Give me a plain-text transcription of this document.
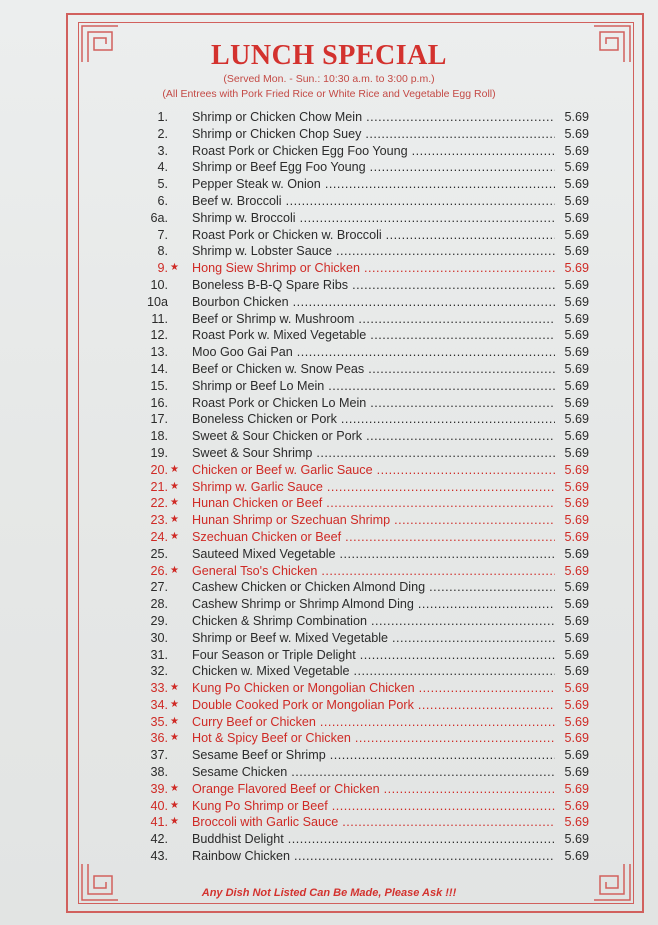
LUNCH SPECIAL
(Served Mon. - Sun.: 10:30 a.m. to 3:00 p.m.)
(All Entrees with Pork Fried Rice or White Rice and Vegetable Egg Roll)
1. Shrimp or Chicken Chow Mein .....	5.69
2. Shrimp or Chicken Chop Suey .....	5.69
3. Roast Pork or Chicken Egg Foo Young .....	5.69
4. Shrimp or Beef Egg Foo Young .....	5.69
5. Pepper Steak w. Onion .....	5.69
6. Beef w. Broccoli .....	5.69
6a. Shrimp w. Broccoli .....	5.69
7. Roast Pork or Chicken w. Broccoli .....	5.69
8. Shrimp w. Lobster Sauce .....	5.69
9. ★ Hong Siew Shrimp or Chicken .....	5.69
10. Boneless B-B-Q Spare Ribs .....	5.69
10a Bourbon Chicken .....	5.69
11. Beef or Shrimp w. Mushroom .....	5.69
12. Roast Pork w. Mixed Vegetable .....	5.69
13. Moo Goo Gai Pan .....	5.69
14. Beef or Chicken w. Snow Peas .....	5.69
15. Shrimp or Beef Lo Mein .....	5.69
16. Roast Pork or Chicken Lo Mein .....	5.69
17. Boneless Chicken or Pork .....	5.69
18. Sweet & Sour Chicken or Pork .....	5.69
19. Sweet & Sour Shrimp .....	5.69
20. ★ Chicken or Beef w. Garlic Sauce .....	5.69
21. ★ Shrimp w. Garlic Sauce .....	5.69
22. ★ Hunan Chicken or Beef .....	5.69
23. ★ Hunan Shrimp or Szechuan Shrimp .....	5.69
24. ★ Szechuan Chicken or Beef .....	5.69
25. Sauteed Mixed Vegetable .....	5.69
26. ★ General Tso's Chicken .....	5.69
27. Cashew Chicken or Chicken Almond Ding .....	5.69
28. Cashew Shrimp or Shrimp Almond Ding .....	5.69
29. Chicken & Shrimp Combination .....	5.69
30. Shrimp or Beef w. Mixed Vegetable .....	5.69
31. Four Season or Triple Delight .....	5.69
32. Chicken w. Mixed Vegetable .....	5.69
33. ★ Kung Po Chicken or Mongolian Chicken .....	5.69
34. ★ Double Cooked Pork or Mongolian Pork .....	5.69
35. ★ Curry Beef or Chicken .....	5.69
36. ★ Hot & Spicy Beef or Chicken .....	5.69
37. Sesame Beef or Shrimp .....	5.69
38. Sesame Chicken .....	5.69
39. ★ Orange Flavored Beef or Chicken .....	5.69
40. ★ Kung Po Shrimp or Beef .....	5.69
41. ★ Broccoli with Garlic Sauce .....	5.69
42. Buddhist Delight .....	5.69
43. Rainbow Chicken .....	5.69
Any Dish Not Listed Can Be Made, Please Ask !!!
